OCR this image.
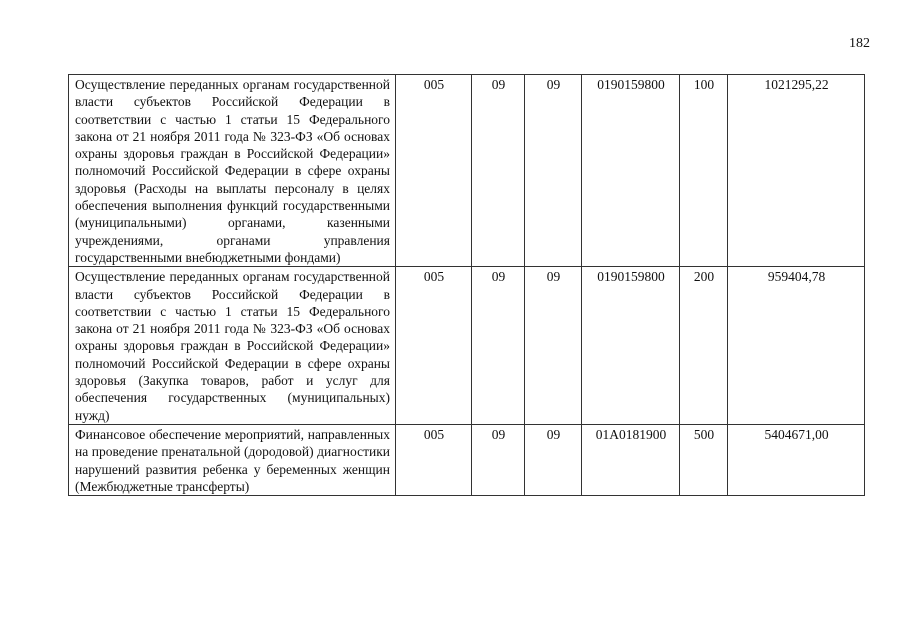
182
Осуществление переданных органам государственной власти субъектов Российской Федерации в соответствии с частью 1 статьи 15 Федерального закона от 21 ноября 2011 года № 323-ФЗ «Об основах охраны здоровья граждан в Российской Федерации» полномочий Российской Федерации в сфере охраны здоровья (Расходы на выплаты персоналу в целях обеспечения выполнения функций государственными (муниципальными) органами, казенными учреждениями, органами управления государственными внебюджетными фондами)	005	09	09	0190159800	100	1021295,22
Осуществление переданных органам государственной власти субъектов Российской Федерации в соответствии с частью 1 статьи 15 Федерального закона от 21 ноября 2011 года № 323-ФЗ «Об основах охраны здоровья граждан в Российской Федерации» полномочий Российской Федерации в сфере охраны здоровья (Закупка товаров, работ и услуг для обеспечения государственных (муниципальных) нужд)	005	09	09	0190159800	200	959404,78
Финансовое обеспечение мероприятий, направленных на проведение пренатальной (дородовой) диагностики нарушений развития ребенка у беременных женщин (Межбюджетные трансферты)	005	09	09	01А0181900	500	5404671,00
